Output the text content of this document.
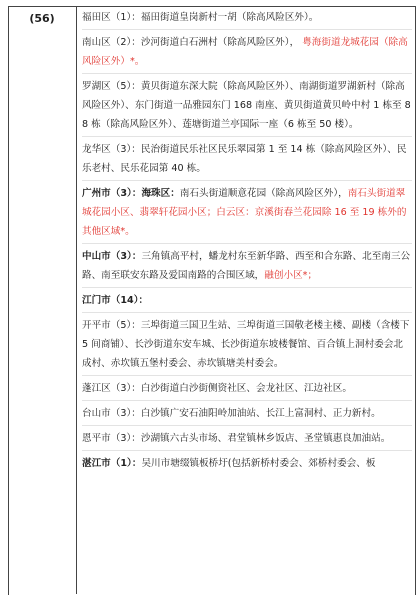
(56)	福田区（1）：福田街道皇岗新村一胡（除高风险区外）。
南山区（2）：沙河街道白石洲村（除高风险区外）， 粤海街道龙城花园（除高风险区外）*。
罗湖区（5）：黄贝街道东深大院（除高风险区外）、南湖街道罗湖新村（除高风险区外）、东门街道一品雅园东门 168 南座、黄贝街道黄贝岭中村 1 栋至 88 栋（除高风险区外）、莲塘街道兰亭国际一座（6 栋至 50 楼）。
龙华区（3）：民治街道民乐社区民乐翠园第 1 至 14 栋（除高风险区外）、民乐老村、民乐花园第 40 栋。
广州市（3）：海珠区：南石头街道顺意花园（除高风险区外），南石头街道翠城花园小区、翡翠轩花园小区；白云区：京溪街春兰花园除 16 至 19 栋外的其他区域*。
中山市（3）：三角镇高平村，蟠龙村东至新华路、西至和合东路、北至南三公路、南至联安东路及爱国南路的合围区域，融创小区*；
江门市（14）：
开平市（5）：三埠街道三国卫生站、三埠街道三国敬老楼主楼、副楼（含楼下 5 间商铺）、长沙街道东安车城、长沙街道东坡楼餐馆、百合镇上洞村委会北成村、赤坎镇五堡村委会、赤坎镇塘美村委会。
蓬江区（3）：白沙街道白沙街侧资社区、会龙社区、江边社区。
台山市（3）：白沙镇广安石油阳岭加油站、长江上富洞村、正力新村。
恩平市（3）：沙湖镇六古头市场、君堂镇林乡饭店、圣堂镇惠良加油站。
湛江市（1）：吴川市塘缀镇板桥圩(包括新桥村委会、郊桥村委会、板
